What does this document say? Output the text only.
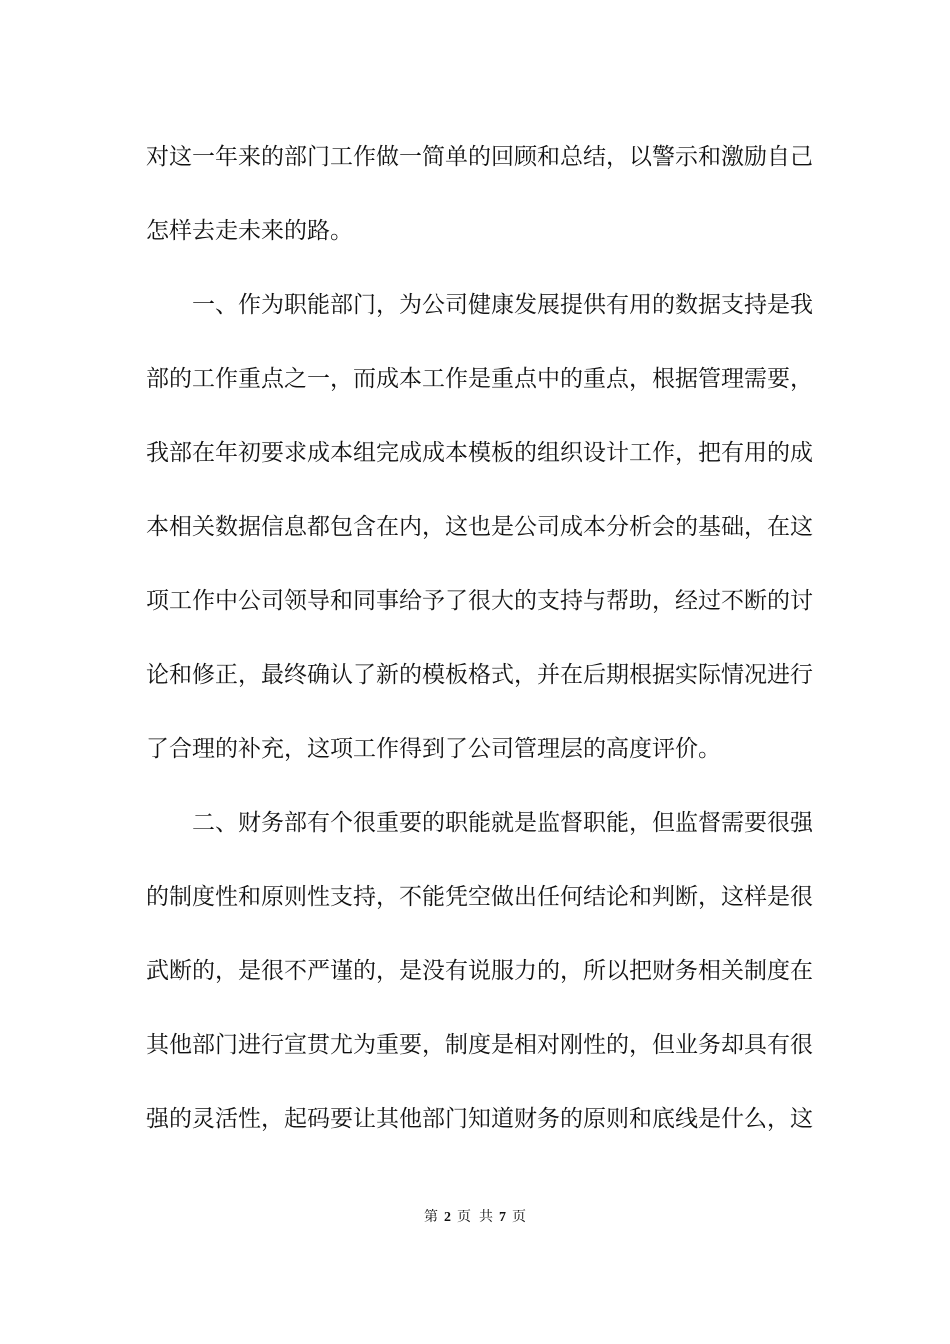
对这一年来的部门工作做一简单的回顾和总结，以警示和激励自己
怎样去走未来的路。
一、作为职能部门，为公司健康发展提供有用的数据支持是我
部的工作重点之一，而成本工作是重点中的重点，根据管理需要，
我部在年初要求成本组完成成本模板的组织设计工作，把有用的成
本相关数据信息都包含在内，这也是公司成本分析会的基础，在这
项工作中公司领导和同事给予了很大的支持与帮助，经过不断的讨
论和修正，最终确认了新的模板格式，并在后期根据实际情况进行
了合理的补充，这项工作得到了公司管理层的高度评价。
二、财务部有个很重要的职能就是监督职能，但监督需要很强
的制度性和原则性支持，不能凭空做出任何结论和判断，这样是很
武断的，是很不严谨的，是没有说服力的，所以把财务相关制度在
其他部门进行宣贯尤为重要，制度是相对刚性的，但业务却具有很
强的灵活性，起码要让其他部门知道财务的原则和底线是什么，这
第 2 页 共 7 页
